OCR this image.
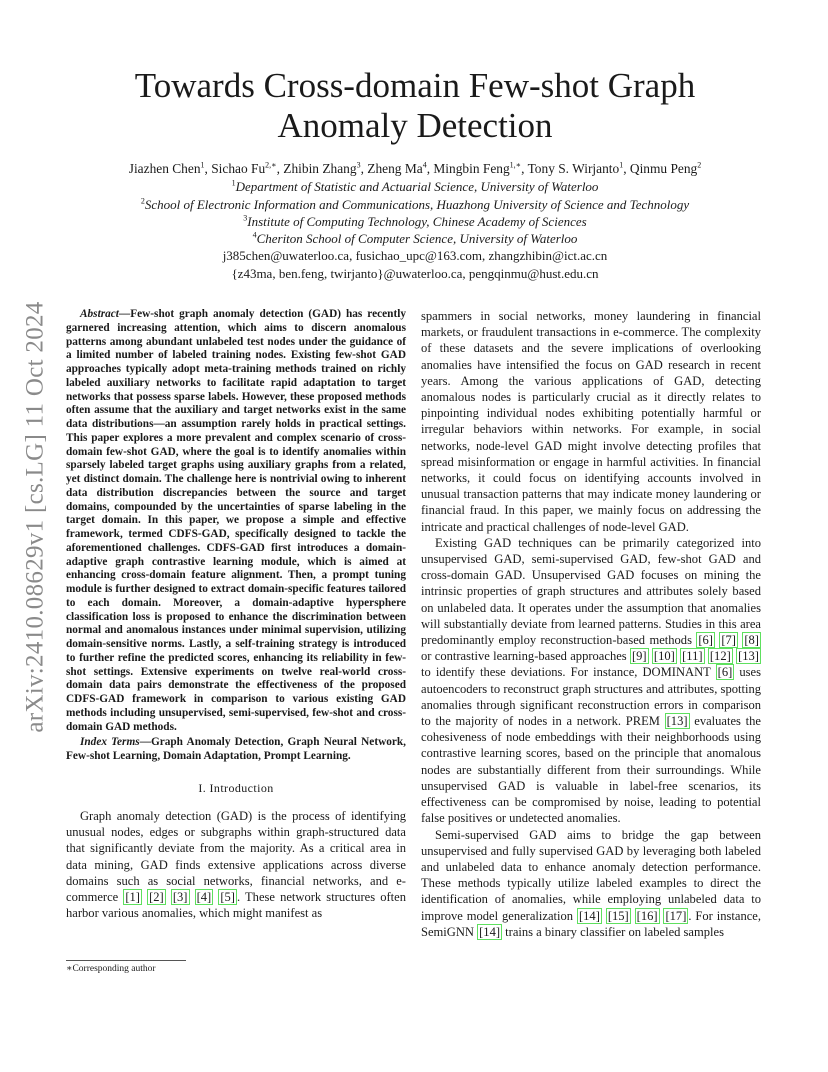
arXiv:2410.08629v1 [cs.LG] 11 Oct 2024
Towards Cross-domain Few-shot Graph Anomaly Detection
Jiazhen Chen$^1$, Sichao $Fu^{2,∗}$, Zhibin Zhang$^3$, Zheng Ma$^4$, Mingbin Feng$^{1,∗}$, Tony S. Wirjanto$^1$, Qinmu Peng$^2$
$^1$Department of Statistic and Actuarial Science, University of Waterloo
$^2$School of Electronic Information and Communications, Huazhong University of Science and Technology
$^3$Institute of Computing Technology, Chinese Academy of Sciences
$^4$Cheriton School of Computer Science, University of Waterloo
j385chen@uwaterloo.ca, fusichao_upc@163.com, zhangzhibin@ict.ac.cn
{z43ma, ben.feng, twirjanto}@uwaterloo.ca, pengqinmu@hust.edu.cn

Abstract—Few-shot graph anomaly detection (GAD) has recently garnered increasing attention, which aims to discern anomalous patterns among abundant unlabeled test nodes under the guidance of a limited number of labeled training nodes. Existing few-shot GAD approaches typically adopt meta-training methods trained on richly labeled auxiliary networks to facilitate rapid adaptation to target networks that possess sparse labels. However, these proposed methods often assume that the auxiliary and target networks exist in the same data distributions—an assumption rarely holds in practical settings. This paper explores a more prevalent and complex scenario of cross-domain few-shot GAD, where the goal is to identify anomalies within sparsely labeled target graphs using auxiliary graphs from a related, yet distinct domain. The challenge here is nontrivial owing to inherent data distribution discrepancies between the source and target domains, compounded by the uncertainties of sparse labeling in the target domain. In this paper, we propose a simple and effective framework, termed CDFS-GAD, specifically designed to tackle the aforementioned challenges. CDFS-GAD first introduces a domain-adaptive graph contrastive learning module, which is aimed at enhancing cross-domain feature alignment. Then, a prompt tuning module is further designed to extract domain-specific features tailored to each domain. Moreover, a domain-adaptive hypersphere classification loss is proposed to enhance the discrimination between normal and anomalous instances under minimal supervision, utilizing domain-sensitive norms. Lastly, a self-training strategy is introduced to further refine the predicted scores, enhancing its reliability in few-shot settings. Extensive experiments on twelve real-world cross-domain data pairs demonstrate the effectiveness of the proposed CDFS-GAD framework in comparison to various existing GAD methods including unsupervised, semi-supervised, few-shot and cross-domain GAD methods.

Index Terms—Graph Anomaly Detection, Graph Neural Network, Few-shot Learning, Domain Adaptation, Prompt Learning.

I. Introduction

Graph anomaly detection (GAD) is the process of identifying unusual nodes, edges or subgraphs within graph-structured data that significantly deviate from the majority. As a critical area in data mining, GAD finds extensive applications across diverse domains such as social networks, financial networks, and e-commerce [1] [2] [3] [4] [5] . These network structures often harbor various anomalies, which might manifest as

spammers in social networks, money laundering in financial markets, or fraudulent transactions in e-commerce. The complexity of these datasets and the severe implications of overlooking anomalies have intensified the focus on GAD research in recent years. Among the various applications of GAD, detecting anomalous nodes is particularly crucial as it directly relates to pinpointing individual nodes exhibiting potentially harmful or irregular behaviors within networks. For example, in social networks, node-level GAD might involve detecting profiles that spread misinformation or engage in harmful activities. In financial networks, it could focus on identifying accounts involved in unusual transaction patterns that may indicate money laundering or financial fraud. In this paper, we mainly focus on addressing the intricate and practical challenges of node-level GAD.

Existing GAD techniques can be primarily categorized into unsupervised GAD, semi-supervised GAD, few-shot GAD and cross-domain GAD. Unsupervised GAD focuses on mining the intrinsic properties of graph structures and attributes solely based on unlabeled data. It operates under the assumption that anomalies will substantially deviate from learned patterns. Studies in this area predominantly employ reconstruction-based methods [6] [7] [8] or contrastive learning-based approaches [9] [10] [11] [12] [13] to identify these deviations. For instance, DOMINANT [6] uses autoencoders to reconstruct graph structures and attributes, spotting anomalies through significant reconstruction errors in comparison to the majority of nodes in a network. PREM [13] evaluates the cohesiveness of node embeddings with their neighborhoods using contrastive learning scores, based on the principle that anomalous nodes are substantially different from their surroundings. While unsupervised GAD is valuable in label-free scenarios, its effectiveness can be compromised by noise, leading to potential false positives or undetected anomalies.

Semi-supervised GAD aims to bridge the gap between unsupervised and fully supervised GAD by leveraging both labeled and unlabeled data to enhance anomaly detection performance. These methods typically utilize labeled examples to direct the identification of anomalies, while employing unlabeled data to improve model generalization [14] [15] [16] [17] . For instance, SemiGNN [14] trains a binary classifier on labeled samples

∗Corresponding author
